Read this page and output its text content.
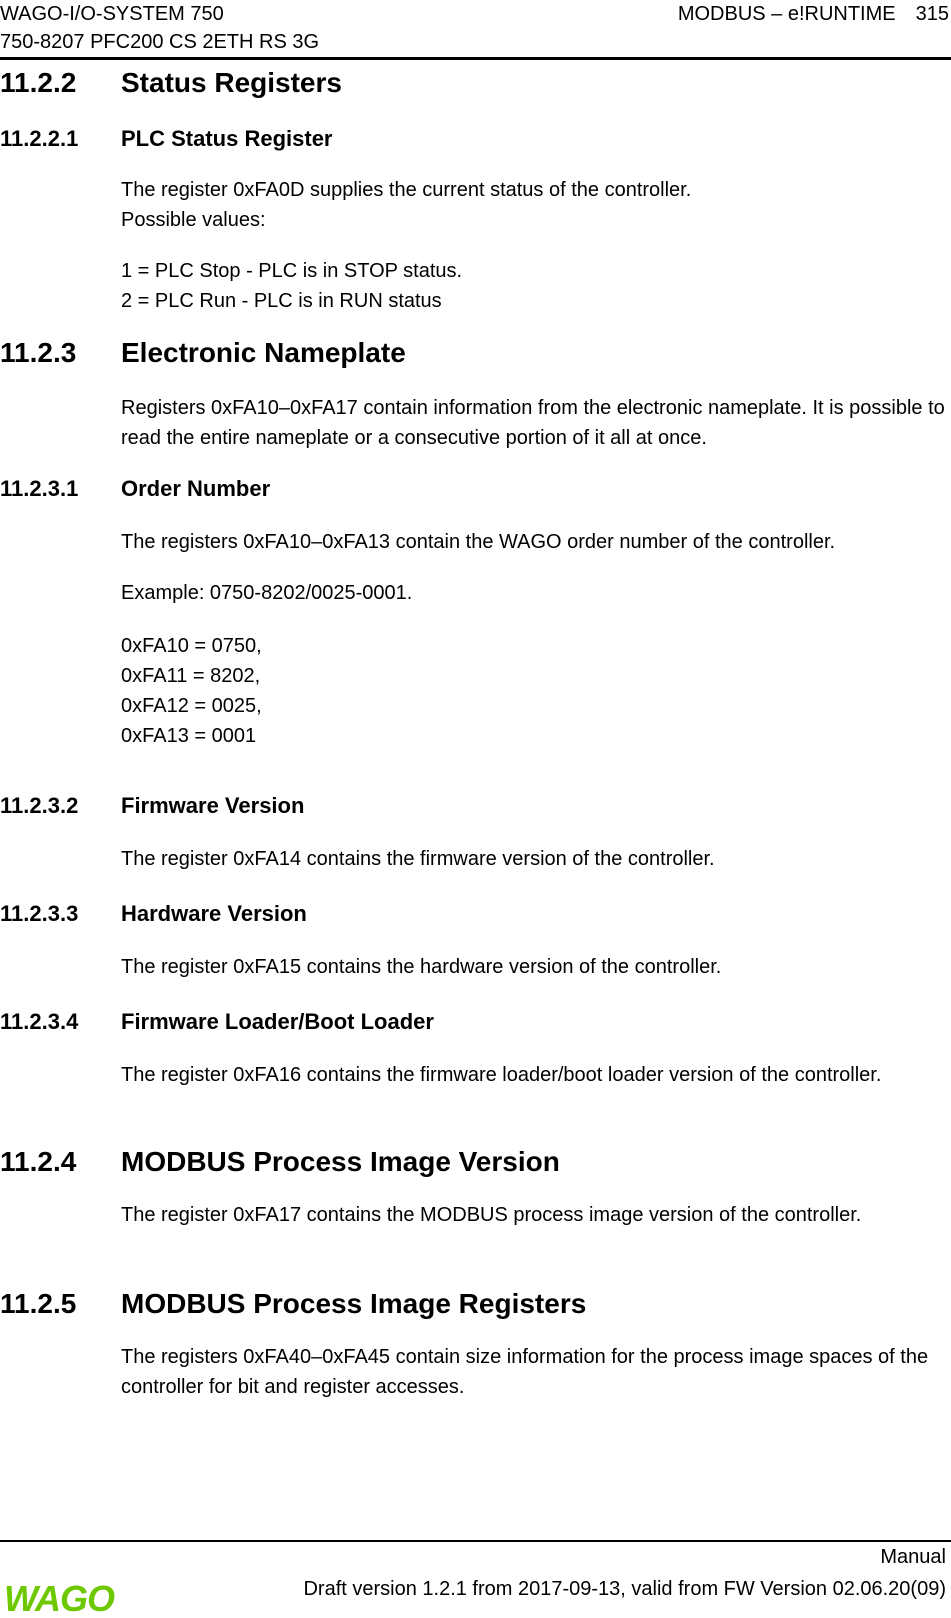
WAGO-I/O-SYSTEM 750
750-8207 PFC200 CS 2ETH RS 3G
MODBUS – e!RUNTIME 315
11.2.2 Status Registers
11.2.2.1 PLC Status Register
The register 0xFA0D supplies the current status of the controller.
Possible values:
1 = PLC Stop - PLC is in STOP status.
2 = PLC Run - PLC is in RUN status
11.2.3 Electronic Nameplate
Registers 0xFA10–0xFA17 contain information from the electronic nameplate. It is possible to read the entire nameplate or a consecutive portion of it all at once.
11.2.3.1 Order Number
The registers 0xFA10–0xFA13 contain the WAGO order number of the controller.
Example: 0750-8202/0025-0001.
0xFA10 = 0750,
0xFA11 = 8202,
0xFA12 = 0025,
0xFA13 = 0001
11.2.3.2 Firmware Version
The register 0xFA14 contains the firmware version of the controller.
11.2.3.3 Hardware Version
The register 0xFA15 contains the hardware version of the controller.
11.2.3.4 Firmware Loader/Boot Loader
The register 0xFA16 contains the firmware loader/boot loader version of the controller.
11.2.4 MODBUS Process Image Version
The register 0xFA17 contains the MODBUS process image version of the controller.
11.2.5 MODBUS Process Image Registers
The registers 0xFA40–0xFA45 contain size information for the process image spaces of the controller for bit and register accesses.
Manual
Draft version 1.2.1 from 2017-09-13, valid from FW Version 02.06.20(09)
WAGO
